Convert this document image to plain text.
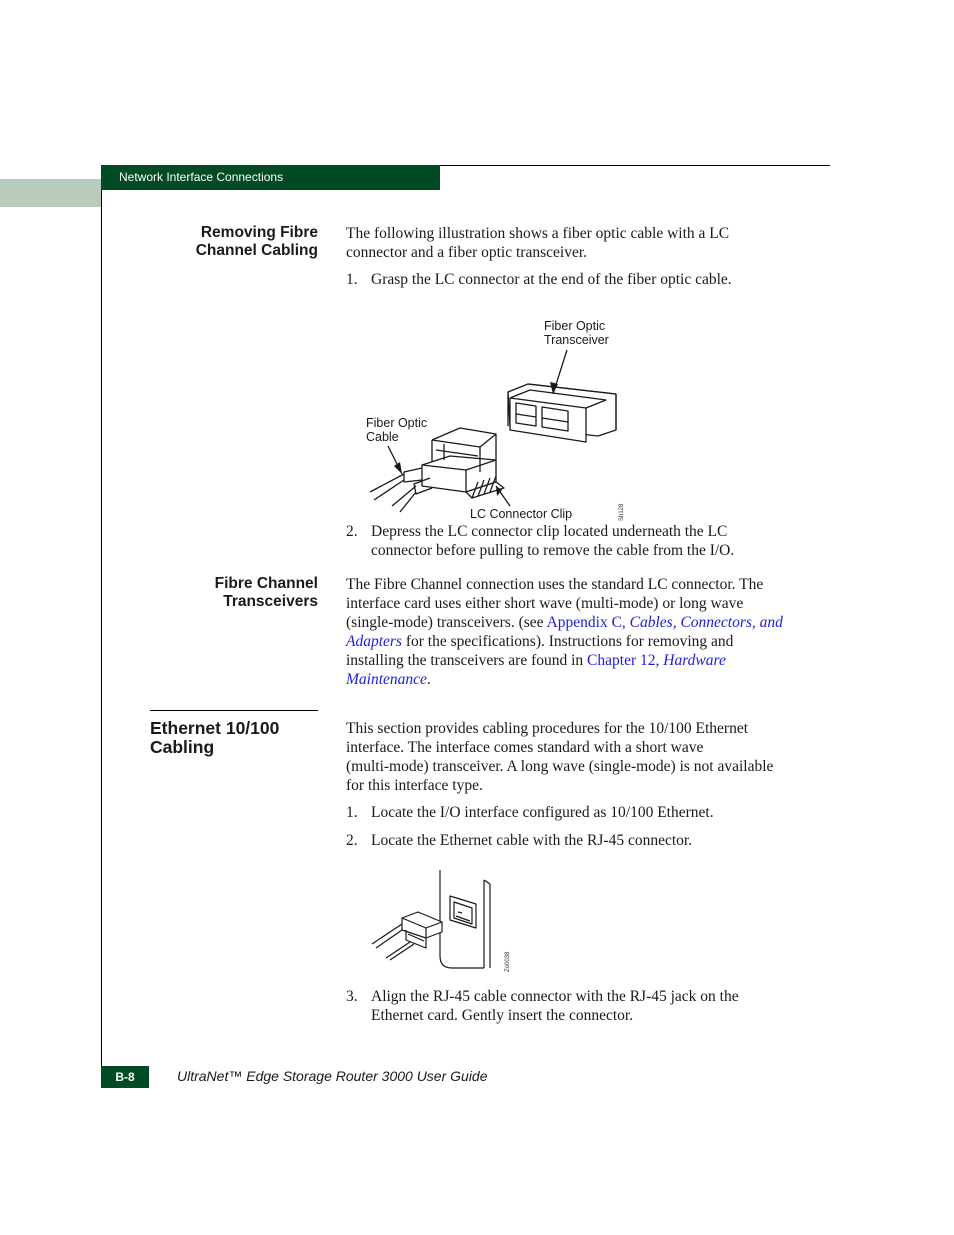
Network Interface Connections
Removing Fibre
Channel Cabling
The following illustration shows a fiber optic cable with a LC
connector and a fiber optic transceiver.
1. Grasp the LC connector at the end of the fiber optic cable.
Fiber Optic
Transceiver
Fiber Optic
Cable
LC Connector Clip	Sh128
2. Depress the LC connector clip located underneath the LC
connector before pulling to remove the cable from the I/O.
Fibre Channel
Transceivers
The Fibre Channel connection uses the standard LC connector. The
interface card uses either short wave (multi-mode) or long wave
(single-mode) transceivers. (see Appendix C, Cables, Connectors, and
Adapters for the specifications). Instructions for removing and
installing the transceivers are found in Chapter 12, Hardware
Maintenance.
Ethernet 10/100
Cabling
This section provides cabling procedures for the 10/100 Ethernet
interface. The interface comes standard with a short wave
(multi-mode) transceiver. A long wave (single-mode) is not available
for this interface type.
1. Locate the I/O interface configured as 10/100 Ethernet.
2. Locate the Ethernet cable with the RJ-45 connector.
Zo0038
3. Align the RJ-45 cable connector with the RJ-45 jack on the
Ethernet card. Gently insert the connector.
B-8	UltraNet™ Edge Storage Router 3000 User Guide
